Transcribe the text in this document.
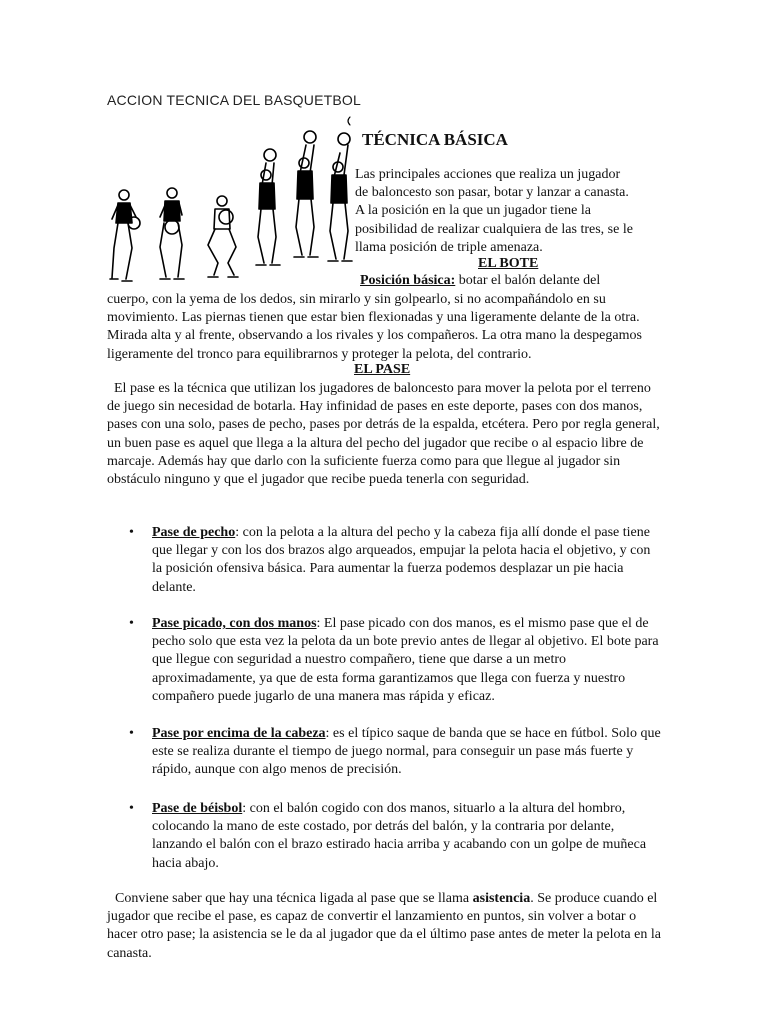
ACCION TECNICA DEL BASQUETBOL
TÉCNICA BÁSICA
Las principales acciones que realiza un jugador
de baloncesto son pasar, botar y lanzar a canasta.
A la posición en la que un jugador tiene la
posibilidad de realizar cualquiera de las tres, se le
llama posición de triple amenaza.
EL BOTE
Posición básica: botar el balón delante del

cuerpo, con la yema de los dedos, sin mirarlo y sin golpearlo, si no acompañándolo en su movimiento. Las piernas tienen que estar bien flexionadas y una ligeramente delante de la otra. Mirada alta y al frente, observando a los rivales y los compañeros. La otra mano la despegamos ligeramente del tronco para equilibrarnos y proteger la pelota, del contrario.

EL PASE

El pase es la técnica que utilizan los jugadores de baloncesto para mover la pelota por el terreno de juego sin necesidad de botarla. Hay infinidad de pases en este deporte, pases con dos manos, pases con una solo, pases de pecho, pases por detrás de la espalda, etcétera. Pero por regla general, un buen pase es aquel que llega a la altura del pecho del jugador que recibe o al espacio libre de marcaje. Además hay que darlo con la suficiente fuerza como para que llegue al jugador sin obstáculo ninguno y que el jugador que recibe pueda tenerla con seguridad.

• Pase de pecho: con la pelota a la altura del pecho y la cabeza fija allí donde el pase tiene que llegar y con los dos brazos algo arqueados, empujar la pelota hacia el objetivo, y con la posición ofensiva básica. Para aumentar la fuerza podemos desplazar un pie hacia delante.
• Pase picado, con dos manos: El pase picado con dos manos, es el mismo pase que el de pecho solo que esta vez la pelota da un bote previo antes de llegar al objetivo. El bote para que llegue con seguridad a nuestro compañero, tiene que darse a un metro aproximadamente, ya que de esta forma garantizamos que llega con fuerza y nuestro compañero puede jugarlo de una manera mas rápida y eficaz.
• Pase por encima de la cabeza: es el típico saque de banda que se hace en fútbol. Solo que este se realiza durante el tiempo de juego normal, para conseguir un pase más fuerte y rápido, aunque con algo menos de precisión.
• Pase de béisbol: con el balón cogido con dos manos, situarlo a la altura del hombro, colocando la mano de este costado, por detrás del balón, y la contraria por delante, lanzando el balón con el brazo estirado hacia arriba y acabando con un golpe de muñeca hacia abajo.

Conviene saber que hay una técnica ligada al pase que se llama asistencia. Se produce cuando el jugador que recibe el pase, es capaz de convertir el lanzamiento en puntos, sin volver a botar o hacer otro pase; la asistencia se le da al jugador que da el último pase antes de meter la pelota en la canasta.
